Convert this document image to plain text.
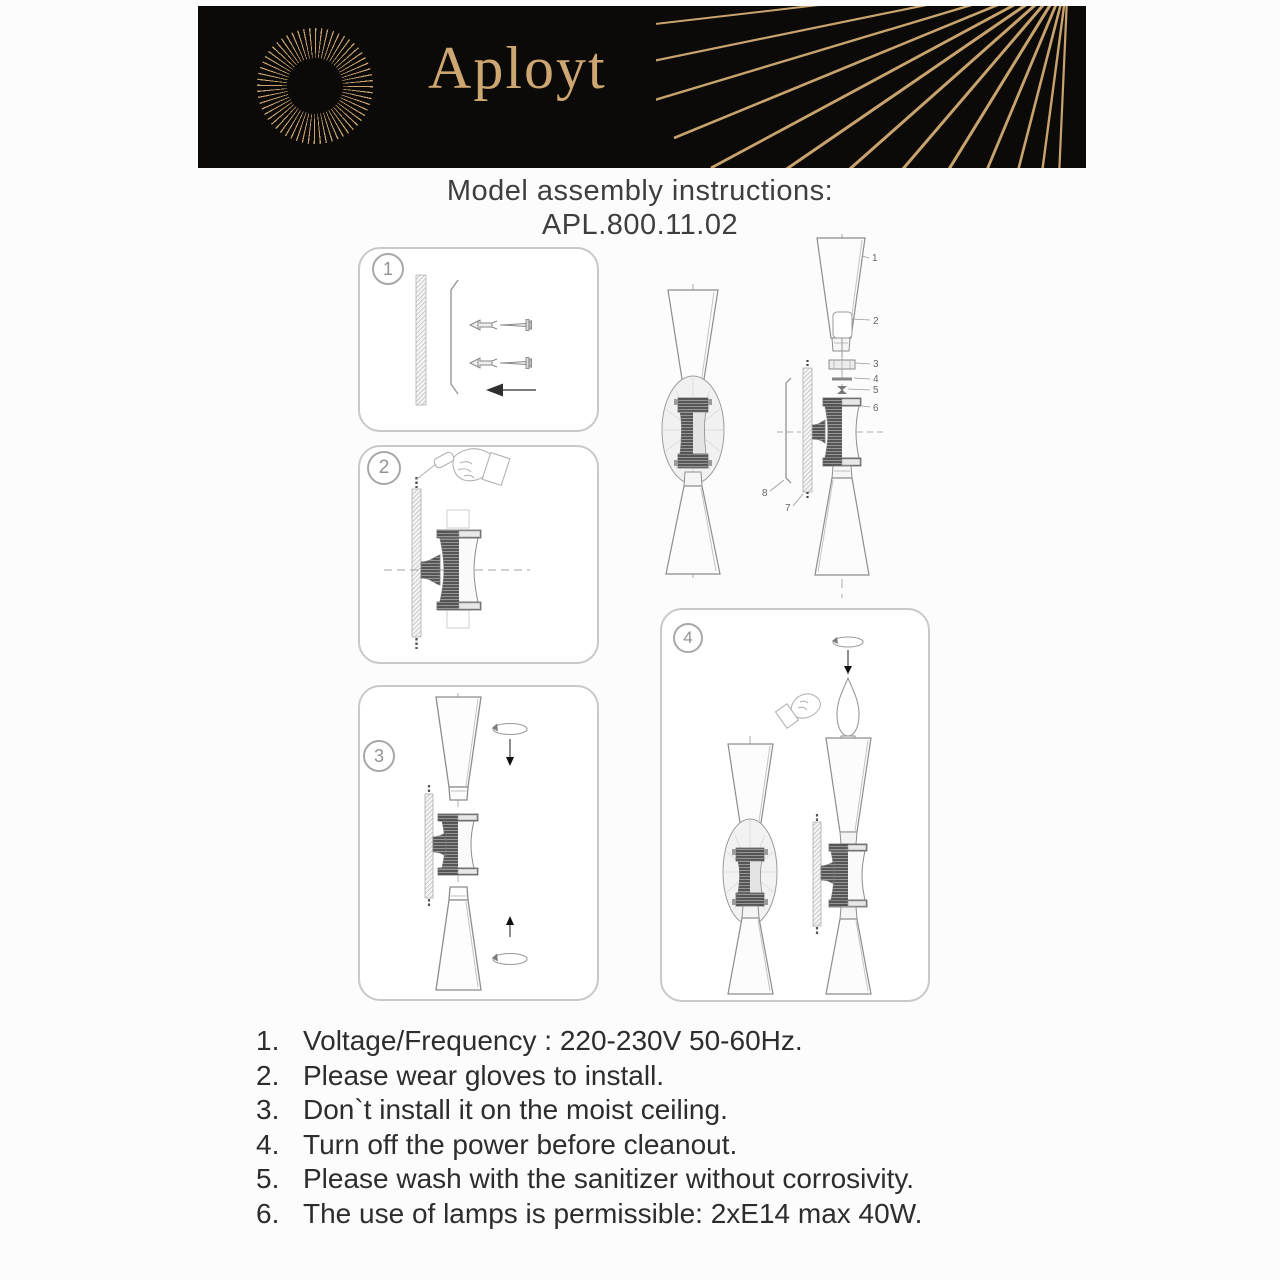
Aployt
Model assembly instructions:
APL.800.11.02
1
2
3
4
5
6
7
8
1
2
3
4
1. Voltage/Frequency : 220-230V 50-60Hz.
2. Please wear gloves to install.
3. Don`t install it on the moist ceiling.
4. Turn off the power before cleanout.
5. Please wash with the sanitizer without corrosivity.
6. The use of lamps is permissible: 2xE14 max 40W.
